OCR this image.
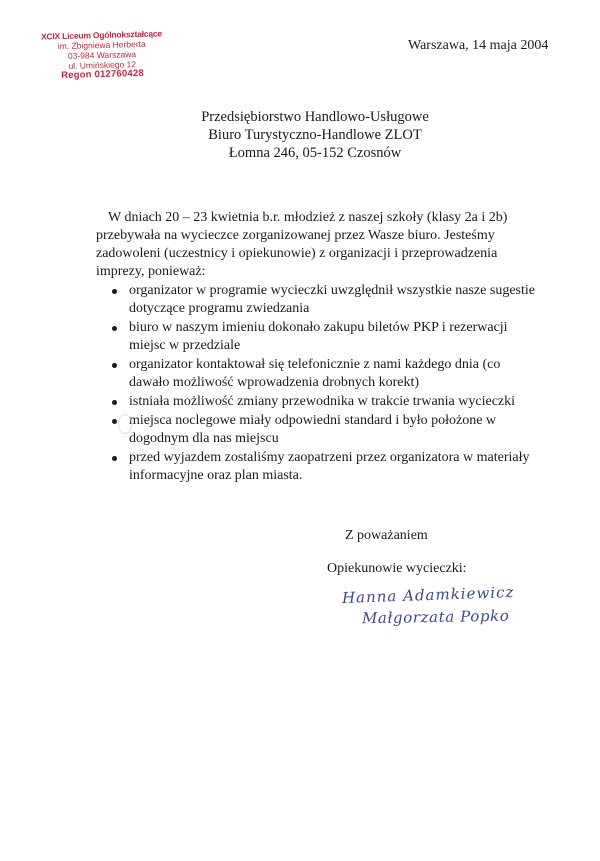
XCIX Liceum Ogólnokształcące
im. Zbigniewa Herberta
03-984 Warszawa
ul. Umińskiego 12
Regon 012760428
Warszawa, 14 maja 2004
Przedsiębiorstwo Handlowo-Usługowe
Biuro Turystyczno-Handlowe ZLOT
Łomna 246, 05-152 Czosnów

W dniach 20 – 23 kwietnia b.r. młodzież z naszej szkoły (klasy 2a i 2b) przebywała na wycieczce zorganizowanej przez Wasze biuro. Jesteśmy zadowoleni (uczestnicy i opiekunowie) z organizacji i przeprowadzenia imprezy, ponieważ:

organizator w programie wycieczki uwzględnił wszystkie nasze sugestie dotyczące programu zwiedzania
biuro w naszym imieniu dokonało zakupu biletów PKP i rezerwacji miejsc w przedziale
organizator kontaktował się telefonicznie z nami każdego dnia (co dawało możliwość wprowadzenia drobnych korekt)
istniała możliwość zmiany przewodnika w trakcie trwania wycieczki
miejsca noclegowe miały odpowiedni standard i było położone w dogodnym dla nas miejscu
przed wyjazdem zostaliśmy zaopatrzeni przez organizatora w materiały informacyjne oraz plan miasta.
Z poważaniem
Opiekunowie wycieczki:
Hanna Adamkiewicz
Małgorzata Popko
